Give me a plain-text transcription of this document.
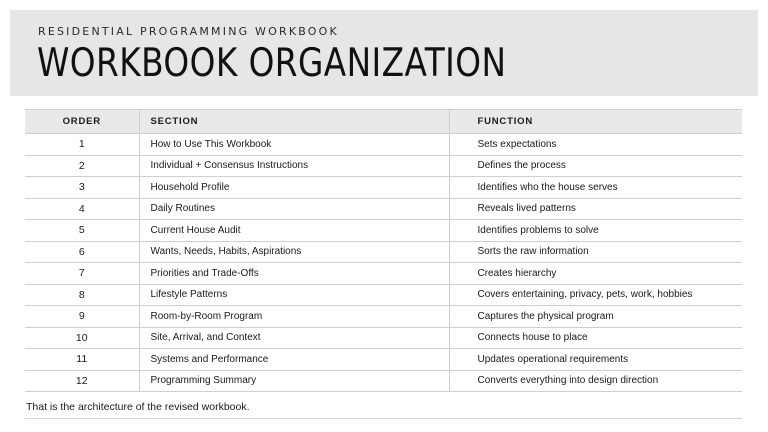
RESIDENTIAL PROGRAMMING WORKBOOK
WORKBOOK ORGANIZATION
ORDER	SECTION	FUNCTION
1	How to Use This Workbook	Sets expectations
2	Individual + Consensus Instructions	Defines the process
3	Household Profile	Identifies who the house serves
4	Daily Routines	Reveals lived patterns
5	Current House Audit	Identifies problems to solve
6	Wants, Needs, Habits, Aspirations	Sorts the raw information
7	Priorities and Trade-Offs	Creates hierarchy
8	Lifestyle Patterns	Covers entertaining, privacy, pets, work, hobbies
9	Room-by-Room Program	Captures the physical program
10	Site, Arrival, and Context	Connects house to place
11	Systems and Performance	Updates operational requirements
12	Programming Summary	Converts everything into design direction
That is the architecture of the revised workbook.
